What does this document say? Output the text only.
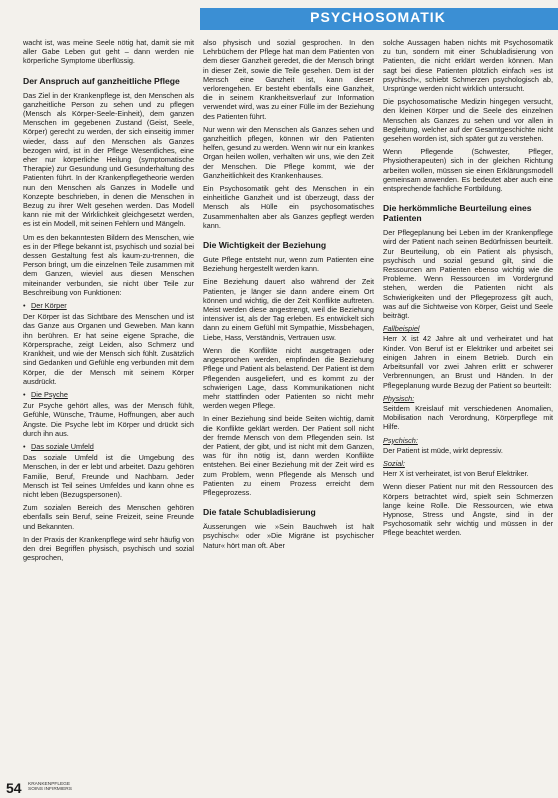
PSYCHOSOMATIK

wacht ist, was meine Seele nötig hat, damit sie mit aller Gabe Leben gut geht – dann werden nie körperliche Symptome überflüssig.

Der Anspruch auf ganzheitliche Pflege

Das Ziel in der Krankenpflege ist, den Menschen als ganzheitliche Person zu sehen und zu pflegen (Mensch als Körper-Seele-Einheit), dem ganzen Menschen im gegebenen Zustand (Geist, Seele, Körper) gerecht zu werden, der sich einseitig immer wieder, dass auf den Menschen als Ganzes bezogen wird, ist in der Pflege Wesentliches, eine eher nur körperliche Heilung (symptomatische Therapie) zur Gesundung und Gesunderhaltung des Patienten führt. In der Krankenpflegetheorie werden nun den Menschen als Ganzes in Modelle und Konzepte beschrieben, in denen die Menschen in Bezug zu ihrer Welt gesehen werden. Das Modell kann nie mit der Wirklichkeit gleichgesetzt werden, es ist ein Modell, mit seinen Fehlern und Mängeln.

Um es den bekanntesten Bildern des Menschen, wie es in der Pflege bekannt ist, psychisch und sozial bei dessen Gestaltung fest als kaum-zu-trennen, die Person bringt, um die einzelnen Teile zusammen mit dem Ganzen, wieviel aus diesen Menschen miteinander verbunden, sie nicht über Teile zur Beschreibung von Funktionen:

• Der Körper

Der Körper ist das Sichtbare des Menschen und ist das Ganze aus Organen und Geweben. Man kann ihn berühren. Er hat seine eigene Sprache, die Körpersprache, zeigt Leiden, also Schmerz und Krankheit, und wie der Mensch sich fühlt. Zusätzlich sind Gedanken und Gefühle eng verbunden mit dem Körper, die der Mensch mit seinem Körper ausdrückt.

• Die Psyche

Zur Psyche gehört alles, was der Mensch fühlt, Gefühle, Wünsche, Träume, Hoffnungen, aber auch Ängste. Die Psyche lebt im Körper und drückt sich durch ihn aus.

• Das soziale Umfeld

Das soziale Umfeld ist die Umgebung des Menschen, in der er lebt und arbeitet. Dazu gehören Familie, Beruf, Freunde und Nachbarn. Jeder Mensch ist Teil seines Umfeldes und kann ohne es nicht leben (Bezugspersonen).

Zum sozialen Bereich des Menschen gehören ebenfalls sein Beruf, seine Freizeit, seine Freunde und Bekannten.

In der Praxis der Krankenpflege wird sehr häufig von den drei Begriffen physisch, psychisch und sozial gesprochen,

also physisch und sozial gesprochen. In den Lehrbüchern der Pflege hat man dem Patienten von dem dieser Ganzheit geredet, die der Mensch bringt in dieser Zeit, sowie die Teile gesehen. Dem ist der Mensch eine Ganzheit ist, kann dieser verlorengehen. Er besteht ebenfalls eine Ganzheit, die in seinem Krankheitsverlauf zur Information verwendet wird, was zu einer Fülle im der Beziehung des Patienten führt.

Nur wenn wir den Menschen als Ganzes sehen und ganzheitlich pflegen, können wir den Patienten helfen, gesund zu werden. Wenn wir nur ein krankes Organ heilen wollen, verhalten wir uns, wie den Zeit der Menschen. Die Pflege kommt, wie der Ganzheitlichkeit des Krankenhauses.

Ein Psychosomatik geht des Menschen in ein einheitliche Ganzheit und ist überzeugt, dass der Mensch als Hülle ein psychosomatisches Zusammenhalten aber als Ganzes gepflegt werden kann.

Die Wichtigkeit der Beziehung

Gute Pflege entsteht nur, wenn zum Patienten eine Beziehung hergestellt werden kann.

Eine Beziehung dauert also während der Zeit Patienten, je länger sie dann andere einem Ort können und wichtig, die der Zeit Konflikte auftreten. Meist werden diese angestrengt, weil die Beziehung intensiver ist, als der Tag erleben. Es entwickelt sich dann zu einem Gefühl mit Sympathie, Missbehagen, Liebe, Hass, Verständnis, Vertrauen usw.

Wenn die Konflikte nicht ausgetragen oder angesprochen werden, empfinden die Beziehung Pflege und Patient als belastend. Der Patient ist dem Pflegenden ausgeliefert, und es kommt zu der schwierigen Lage, dass Kommunikationen nicht mehr stattfinden oder Patienten so nicht mehr werden wegen Pflege.

In einer Beziehung sind beide Seiten wichtig, damit die Konflikte geklärt werden. Der Patient soll nicht der fremde Mensch von dem Pflegenden sein. Ist der Patient, der gibt, und ist nicht mit dem Ganzen, was für ihn nötig ist, dann werden Konflikte entstehen. Bei einer Beziehung mit der Zeit wird es zum Problem, wenn Pflegende als Mensch und Patienten zu einem Prozess erreicht dem Pflegeprozess.

Die fatale Schubladisierung

Äusserungen wie »Sein Bauchweh ist halt psychisch« oder »Die Migräne ist psychischer Natur« hört man oft. Aber

solche Aussagen haben nichts mit Psychosomatik zu tun, sondern mit einer Schubladisierung von Patienten, die nicht erklärt werden können. Man sagt bei diese Patienten plötzlich einfach »es ist psychisch«, schiebt Schmerzen psychologisch ab, Ursprünge werden nicht wirklich untersucht.

Die psychosomatische Medizin hingegen versucht, den kleinen Körper und die Seele des einzelnen Menschen als Ganzes zu sehen und vor allen in Begleitung, welcher auf der Gesamtgeschichte nicht gesehen worden ist, sich später gut zu verstehen.

Wenn Pflegende (Schwester, Pfleger, Physiotherapeuten) sich in der gleichen Richtung arbeiten wollen, müssen sie einen Erklärungsmodell gemeinsam anwenden. Es bedeutet aber auch eine entsprechende fachliche Fortbildung.

Die herkömmliche Beurteilung eines Patienten

Der Pflegeplanung bei Leben im der Krankenpflege wird der Patient nach seinen Bedürfnissen beurteilt. Zur Beurteilung, ob ein Patient als physisch, psychisch und sozial gesund gilt, sind die Ressourcen am Patienten ebenso wichtig wie die Probleme. Wenn Ressourcen im Vordergrund stehen, werden die Patienten nicht als Schwierigkeiten und der Pflegeprozess gilt auch, was auf die Sichtweise von Körper, Geist und Seele beiträgt.

Fallbeispiel

Herr X ist 42 Jahre alt und verheiratet und hat Kinder. Von Beruf ist er Elektriker und arbeitet sei einigen Jahren in einem Betrieb. Durch ein Arbeitsunfall vor zwei Jahren erlitt er schwerer Verbrennungen, an Brust und Händen. In der Pflegeplanung wurde Bezug der Patient so beurteilt:

Physisch:

Seitdem Kreislauf mit verschiedenen Anomalien, Mobilisation nach Verordnung, Körperpflege mit Hilfe.

Psychisch:

Der Patient ist müde, wirkt depressiv.

Sozial:

Herr X ist verheiratet, ist von Beruf Elektriker.

Wenn dieser Patient nur mit den Ressourcen des Körpers betrachtet wird, spielt sein Schmerzen lange keine Rolle. Die Ressourcen, wie etwa Hypnose, Stress und Ängste, sind in der Psychosomatik sehr wichtig und müssen in der Pflege beachtet werden.

54 KRANKENPFLEGE
SOINS INFIRMIERS
